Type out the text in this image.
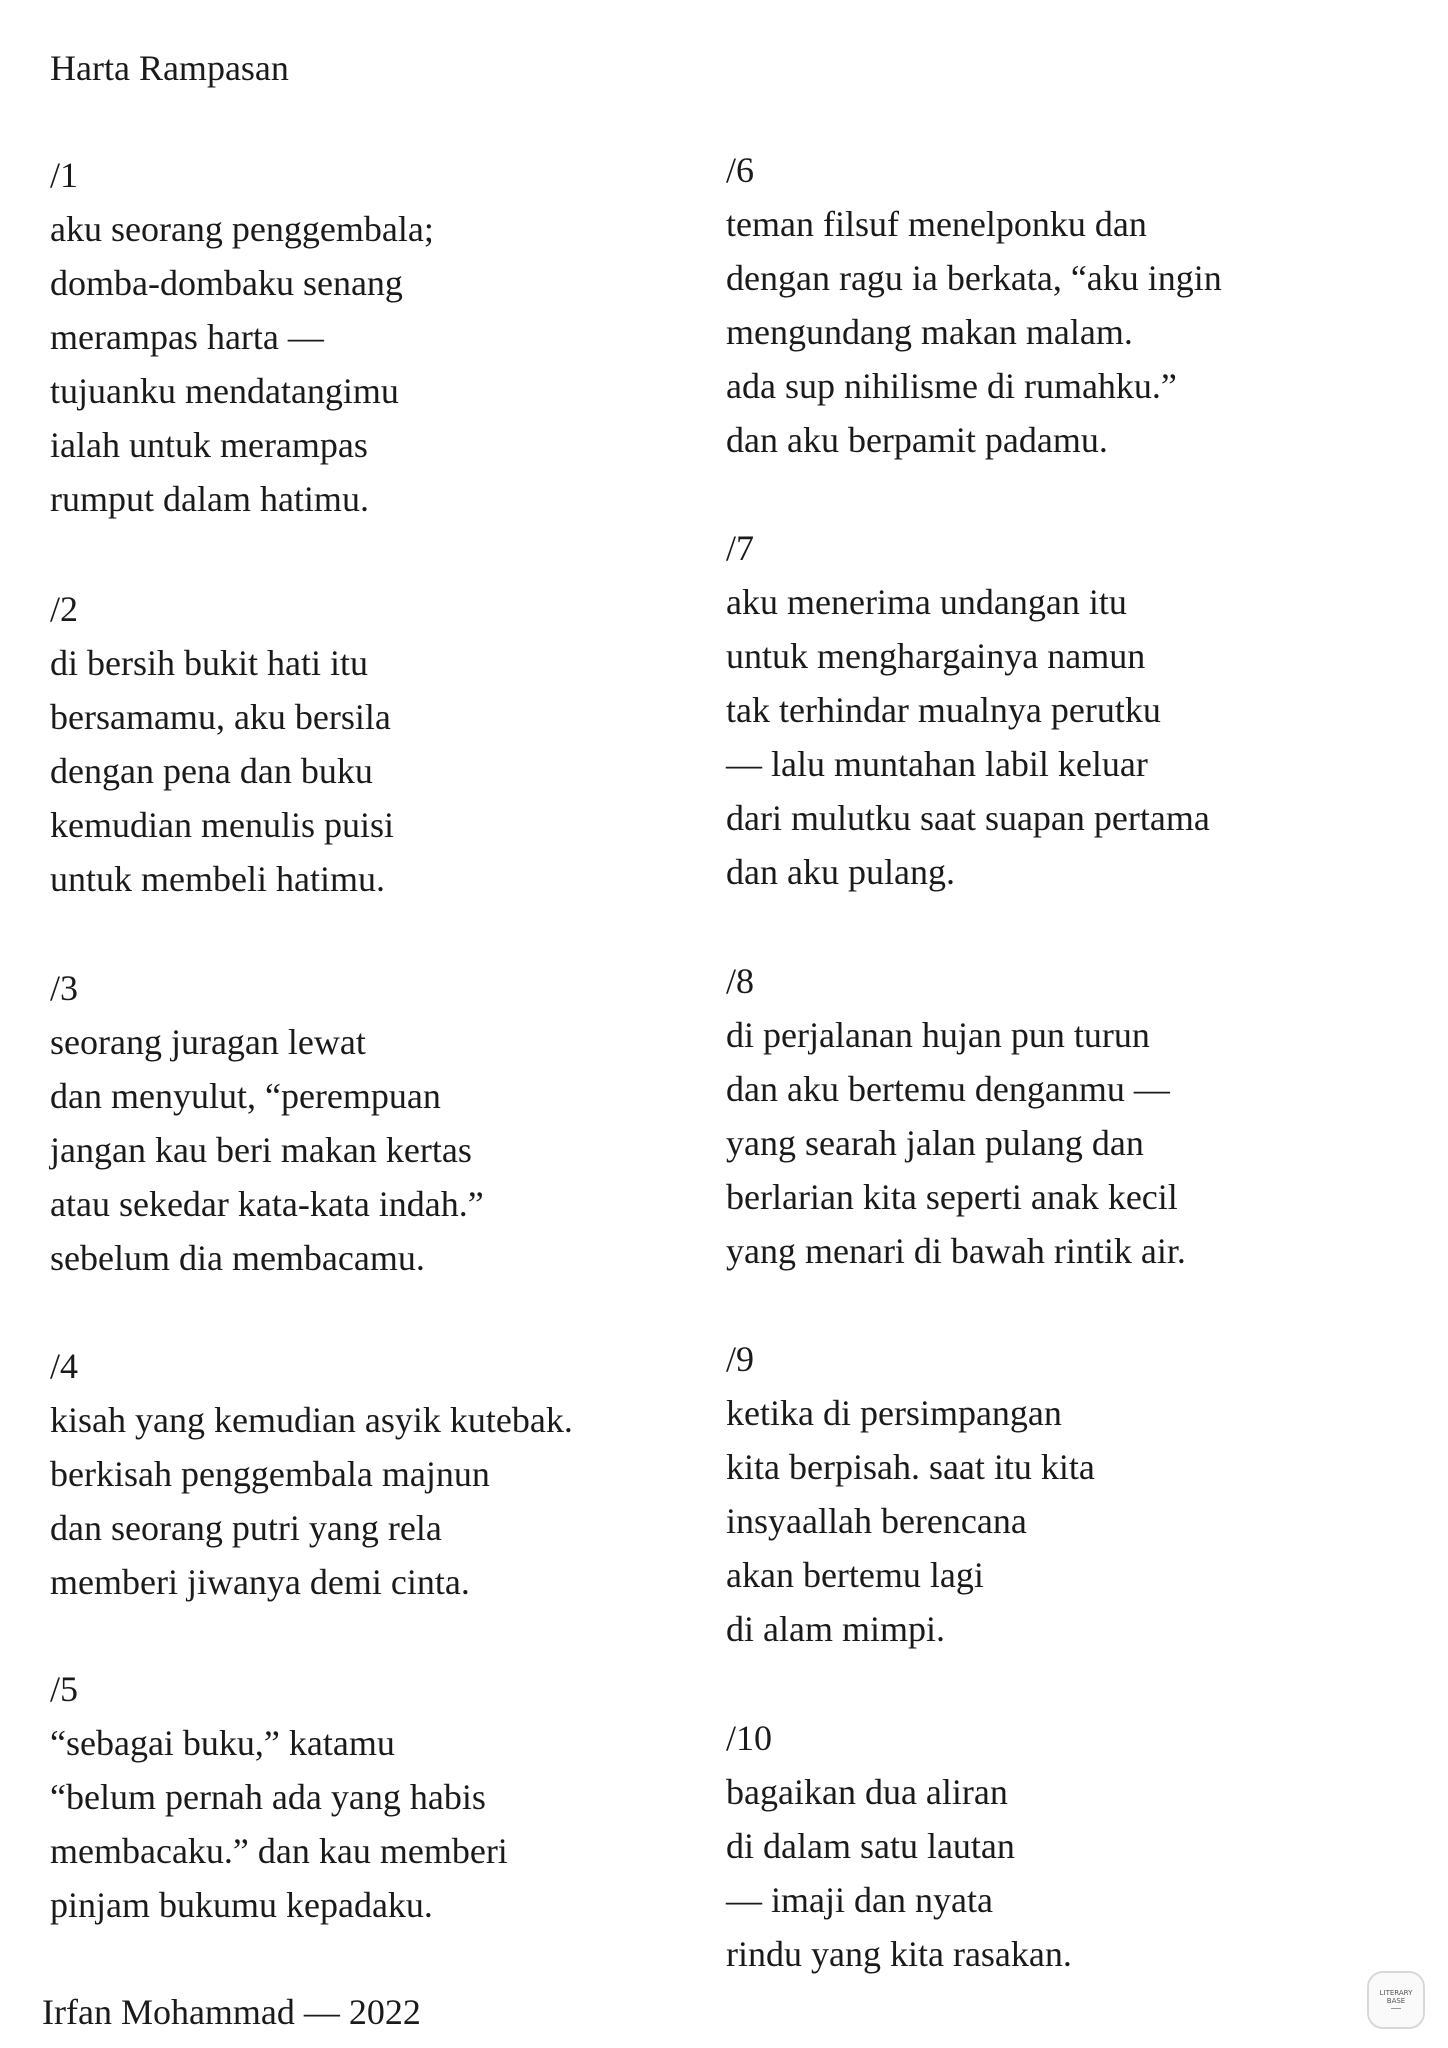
Harta Rampasan
/1
aku seorang penggembala;
domba-dombaku senang
merampas harta —
tujuanku mendatangimu
ialah untuk merampas
rumput dalam hatimu.
/2
di bersih bukit hati itu
bersamamu, aku bersila
dengan pena dan buku
kemudian menulis puisi
untuk membeli hatimu.
/3
seorang juragan lewat
dan menyulut, “perempuan
jangan kau beri makan kertas
atau sekedar kata-kata indah.”
sebelum dia membacamu.
/4
kisah yang kemudian asyik kutebak.
berkisah penggembala majnun
dan seorang putri yang rela
memberi jiwanya demi cinta.
/5
“sebagai buku,” katamu
“belum pernah ada yang habis
membacaku.” dan kau memberi
pinjam bukumu kepadaku.
/6
teman filsuf menelponku dan
dengan ragu ia berkata, “aku ingin
mengundang makan malam.
ada sup nihilisme di rumahku.”
dan aku berpamit padamu.
/7
aku menerima undangan itu
untuk menghargainya namun
tak terhindar mualnya perutku
— lalu muntahan labil keluar
dari mulutku saat suapan pertama
dan aku pulang.
/8
di perjalanan hujan pun turun
dan aku bertemu denganmu —
yang searah jalan pulang dan
berlarian kita seperti anak kecil
yang menari di bawah rintik air.
/9
ketika di persimpangan
kita berpisah. saat itu kita
insyaallah berencana
akan bertemu lagi
di alam mimpi.
/10
bagaikan dua aliran
di dalam satu lautan
— imaji dan nyata
rindu yang kita rasakan.
Irfan Mohammad — 2022	LITERARY
BASE
